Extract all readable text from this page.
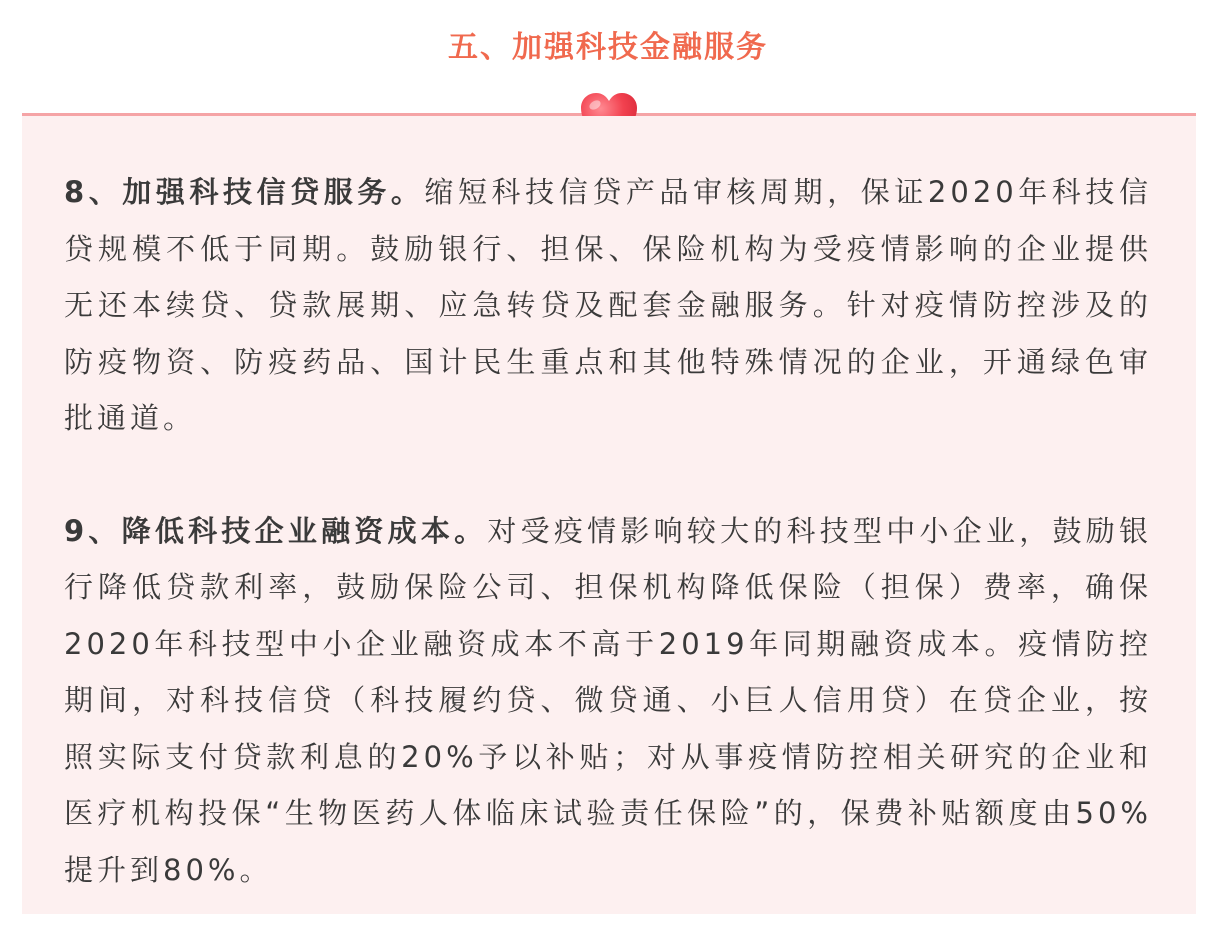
五、加强科技金融服务

8、加强科技信贷服务。缩短科技信贷产品审核周期，保证2020年科技信贷规模不低于同期。鼓励银行、担保、保险机构为受疫情影响的企业提供无还本续贷、贷款展期、应急转贷及配套金融服务。针对疫情防控涉及的防疫物资、防疫药品、国计民生重点和其他特殊情况的企业，开通绿色审批通道。

9、降低科技企业融资成本。对受疫情影响较大的科技型中小企业，鼓励银行降低贷款利率，鼓励保险公司、担保机构降低保险（担保）费率，确保2020年科技型中小企业融资成本不高于2019年同期融资成本。疫情防控期间，对科技信贷（科技履约贷、微贷通、小巨人信用贷）在贷企业，按照实际支付贷款利息的20%予以补贴；对从事疫情防控相关研究的企业和医疗机构投保“生物医药人体临床试验责任保险”的，保费补贴额度由50%提升到80%。
